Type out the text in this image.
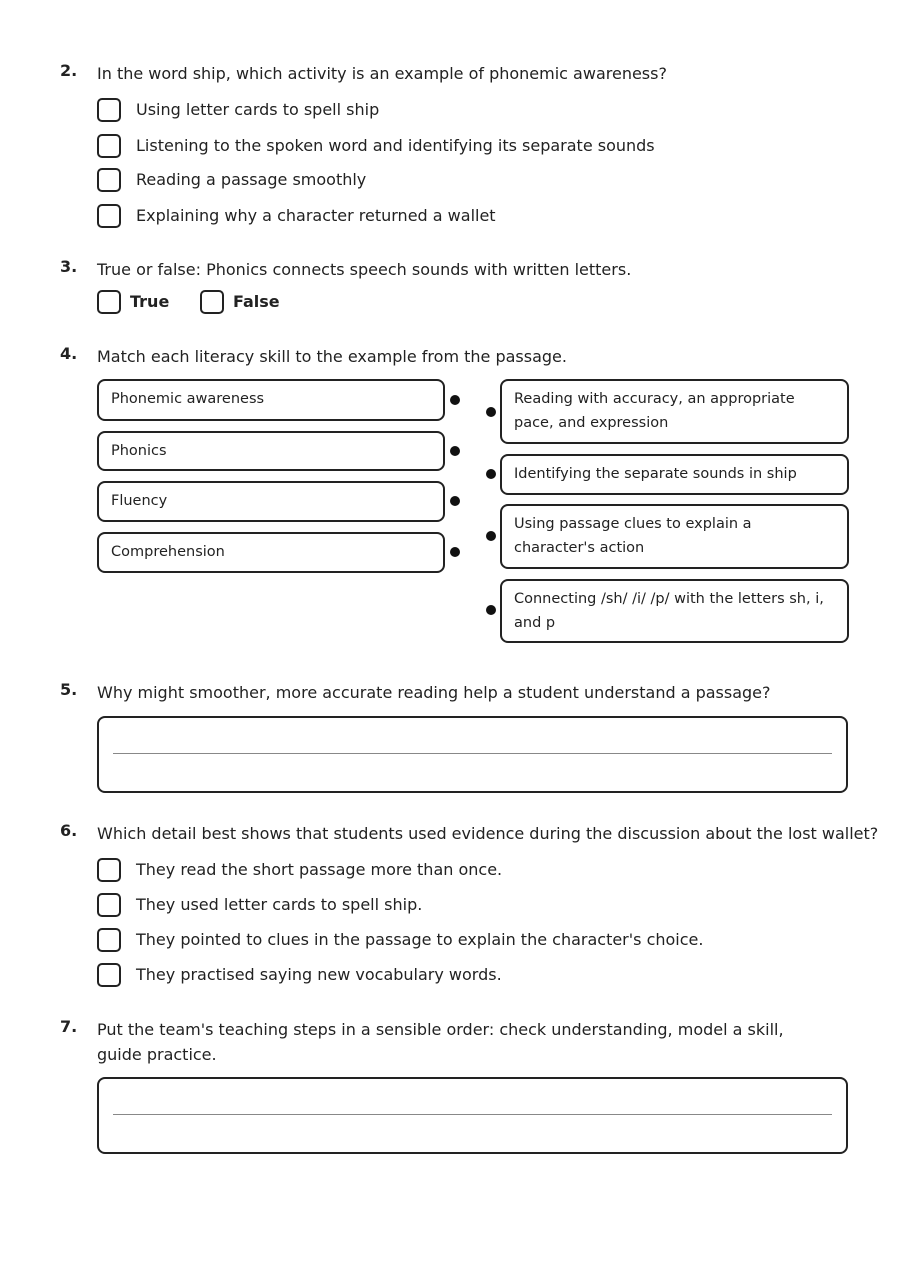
2. In the word ship, which activity is an example of phonemic awareness?
Using letter cards to spell ship
Listening to the spoken word and identifying its separate sounds
Reading a passage smoothly
Explaining why a character returned a wallet
3. True or false: Phonics connects speech sounds with written letters.
True	False
4. Match each literacy skill to the example from the passage.
Phonemic awareness
Phonics
Fluency
Comprehension
Reading with accuracy, an appropriate pace, and expression
Identifying the separate sounds in ship
Using passage clues to explain a character's action
Connecting /sh/ /i/ /p/ with the letters sh, i, and p
5. Why might smoother, more accurate reading help a student understand a passage?
6. Which detail best shows that students used evidence during the discussion about the lost wallet?
They read the short passage more than once.
They used letter cards to spell ship.
They pointed to clues in the passage to explain the character's choice.
They practised saying new vocabulary words.
7. Put the team's teaching steps in a sensible order: check understanding, model a skill, guide practice.
